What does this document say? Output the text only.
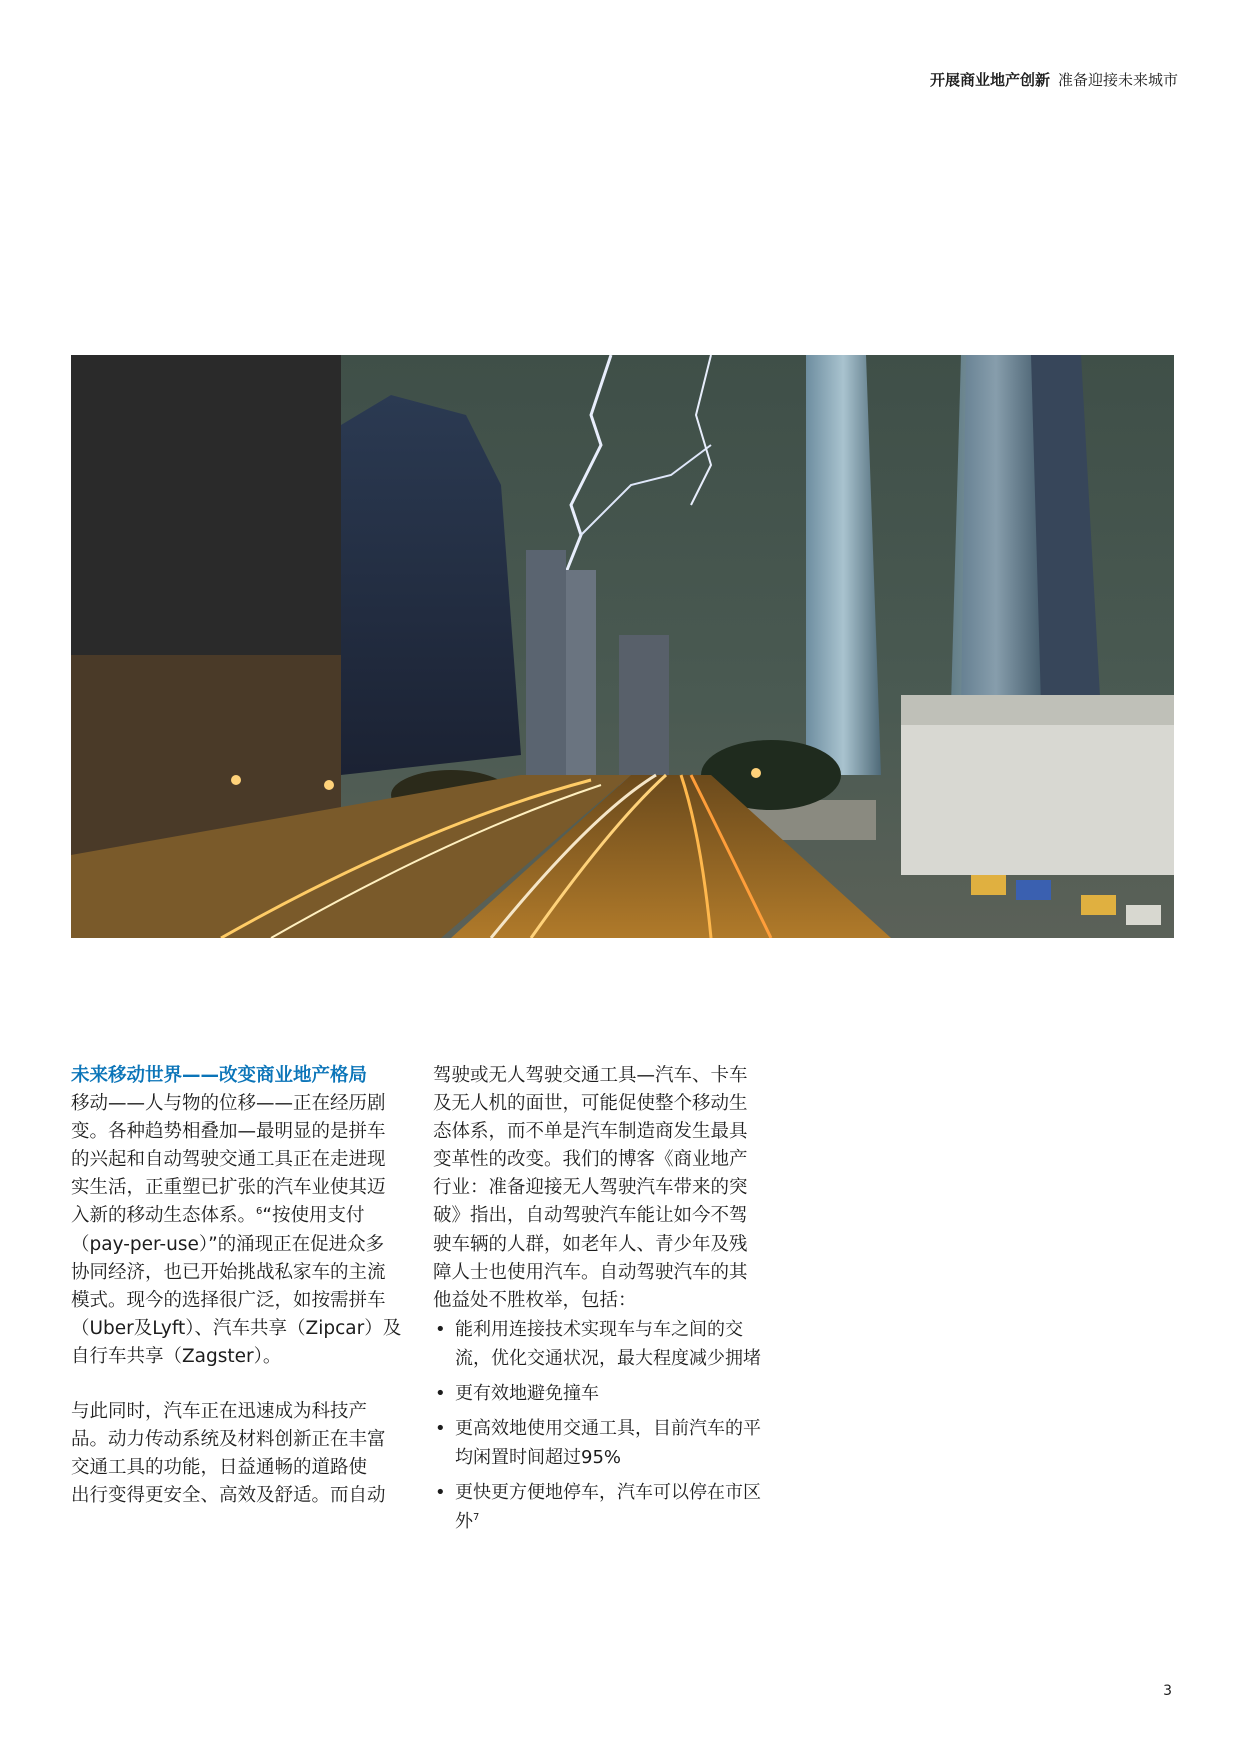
开展商业地产创新 准备迎接未来城市

未来移动世界——改变商业地产格局

移动——人与物的位移——正在经历剧
变。各种趋势相叠加—最明显的是拼车
的兴起和自动驾驶交通工具正在走进现
实生活，正重塑已扩张的汽车业使其迈
入新的移动生态体系。$^6$“按使用支付
（pay-per-use）”的涌现正在促进众多
协同经济，也已开始挑战私家车的主流
模式。现今的选择很广泛，如按需拼车
（Uber及Lyft）、汽车共享（Zipcar）及
自行车共享（Zagster）。

与此同时，汽车正在迅速成为科技产
品。动力传动系统及材料创新正在丰富
交通工具的功能，日益通畅的道路使
出行变得更安全、高效及舒适。而自动

驾驶或无人驾驶交通工具—汽车、卡车
及无人机的面世，可能促使整个移动生
态体系，而不单是汽车制造商发生最具
变革性的改变。我们的博客《商业地产
行业：准备迎接无人驾驶汽车带来的突
破》指出，自动驾驶汽车能让如今不驾
驶车辆的人群，如老年人、青少年及残
障人士也使用汽车。自动驾驶汽车的其
他益处不胜枚举，包括：

• 能利用连接技术实现车与车之间的交
流，优化交通状况，最大程度减少拥堵
• 更有效地避免撞车
• 更高效地使用交通工具，目前汽车的平
均闲置时间超过95%
• 更快更方便地停车，汽车可以停在市区外$^7$
3
